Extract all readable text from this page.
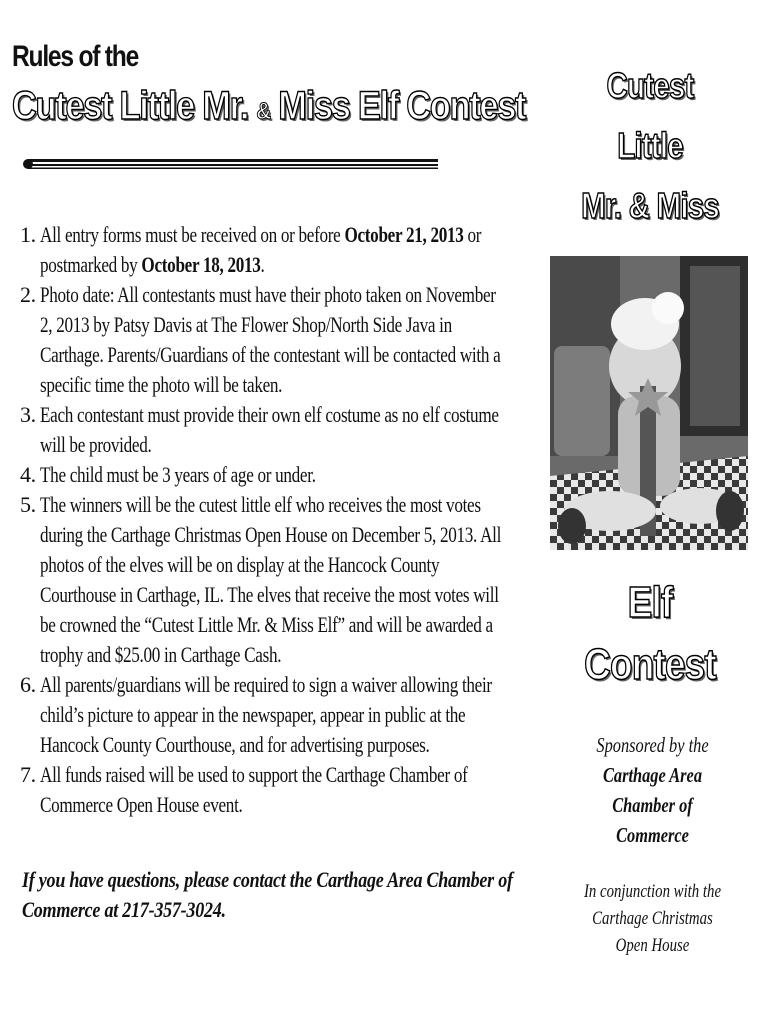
Rules of the
Cutest Little Mr. & Miss Elf Contest
1. All entry forms must be received on or before October 21, 2013 or postmarked by October 18, 2013.
2. Photo date: All contestants must have their photo taken on November 2, 2013 by Patsy Davis at The Flower Shop/North Side Java in Carthage. Parents/Guardians of the contestant will be contacted with a specific time the photo will be taken.
3. Each contestant must provide their own elf costume as no elf costume will be provided.
4. The child must be 3 years of age or under.
5. The winners will be the cutest little elf who receives the most votes during the Carthage Christmas Open House on December 5, 2013. All photos of the elves will be on display at the Hancock County Courthouse in Carthage, IL. The elves that receive the most votes will be crowned the “Cutest Little Mr. & Miss Elf” and will be awarded a trophy and $25.00 in Carthage Cash.
6. All parents/guardians will be required to sign a waiver allowing their child’s picture to appear in the newspaper, appear in public at the Hancock County Courthouse, and for advertising purposes.
7. All funds raised will be used to support the Carthage Chamber of Commerce Open House event.

If you have questions, please contact the Carthage Area Chamber of Commerce at 217-357-3024.

Cutest
Little
Mr. & Miss
Elf
Contest
Sponsored by the
Carthage Area
Chamber of
Commerce
In conjunction with the
Carthage Christmas
Open House
